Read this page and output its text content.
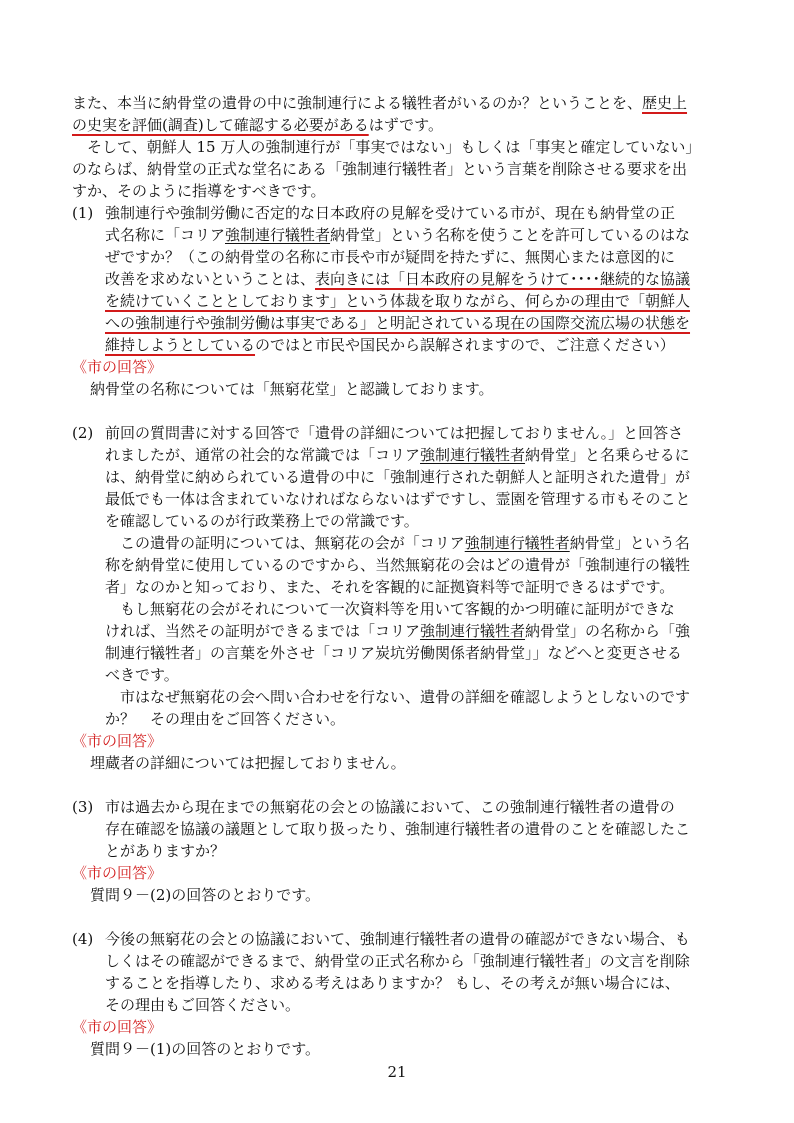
また、本当に納骨堂の遺骨の中に強制連行による犠牲者がいるのか？ということを、歴史上
の史実を評価(調査)して確認する必要があるはずです。
　そして、朝鮮人 15 万人の強制連行が「事実ではない」もしくは「事実と確定していない」
のならば、納骨堂の正式な堂名にある「強制連行犠牲者」という言葉を削除させる要求を出
すか、そのように指導をすべきです。
(1) 強制連行や強制労働に否定的な日本政府の見解を受けている市が、現在も納骨堂の正
式名称に「コリア強制連行犠牲者納骨堂」という名称を使うことを許可しているのはな
ぜですか？（この納骨堂の名称に市長や市が疑問を持たずに、無関心または意図的に
改善を求めないということは、表向きには「日本政府の見解をうけて････継続的な協議
を続けていくこととしております」という体裁を取りながら、何らかの理由で「朝鮮人
への強制連行や強制労働は事実である」と明記されている現在の国際交流広場の状態を
維持しようとしているのではと市民や国民から誤解されますので、ご注意ください）
《市の回答》
納骨堂の名称については「無窮花堂」と認識しております。
(2) 前回の質問書に対する回答で「遺骨の詳細については把握しておりません。」と回答さ
れましたが、通常の社会的な常識では「コリア強制連行犠牲者納骨堂」と名乗らせるに
は、納骨堂に納められている遺骨の中に「強制連行された朝鮮人と証明された遺骨」が
最低でも一体は含まれていなければならないはずですし、霊園を管理する市もそのこと
を確認しているのが行政業務上での常識です。
　この遺骨の証明については、無窮花の会が「コリア強制連行犠牲者納骨堂」という名
称を納骨堂に使用しているのですから、当然無窮花の会はどの遺骨が「強制連行の犠牲
者」なのかと知っており、また、それを客観的に証拠資料等で証明できるはずです。
　もし無窮花の会がそれについて一次資料等を用いて客観的かつ明確に証明ができな
ければ、当然その証明ができるまでは「コリア強制連行犠牲者納骨堂」の名称から「強
制連行犠牲者」の言葉を外させ「コリア炭坑労働関係者納骨堂」」などへと変更させる
べきです。
　市はなぜ無窮花の会へ問い合わせを行ない、遺骨の詳細を確認しようとしないのです
か？　その理由をご回答ください。
《市の回答》
埋蔵者の詳細については把握しておりません。
(3) 市は過去から現在までの無窮花の会との協議において、この強制連行犠牲者の遺骨の
存在確認を協議の議題として取り扱ったり、強制連行犠牲者の遺骨のことを確認したこ
とがありますか？
《市の回答》
質問９－(2)の回答のとおりです。
(4) 今後の無窮花の会との協議において、強制連行犠牲者の遺骨の確認ができない場合、も
しくはその確認ができるまで、納骨堂の正式名称から「強制連行犠牲者」の文言を削除
することを指導したり、求める考えはありますか？ もし、その考えが無い場合には、
その理由もご回答ください。
《市の回答》
質問９－(1)の回答のとおりです。
21
